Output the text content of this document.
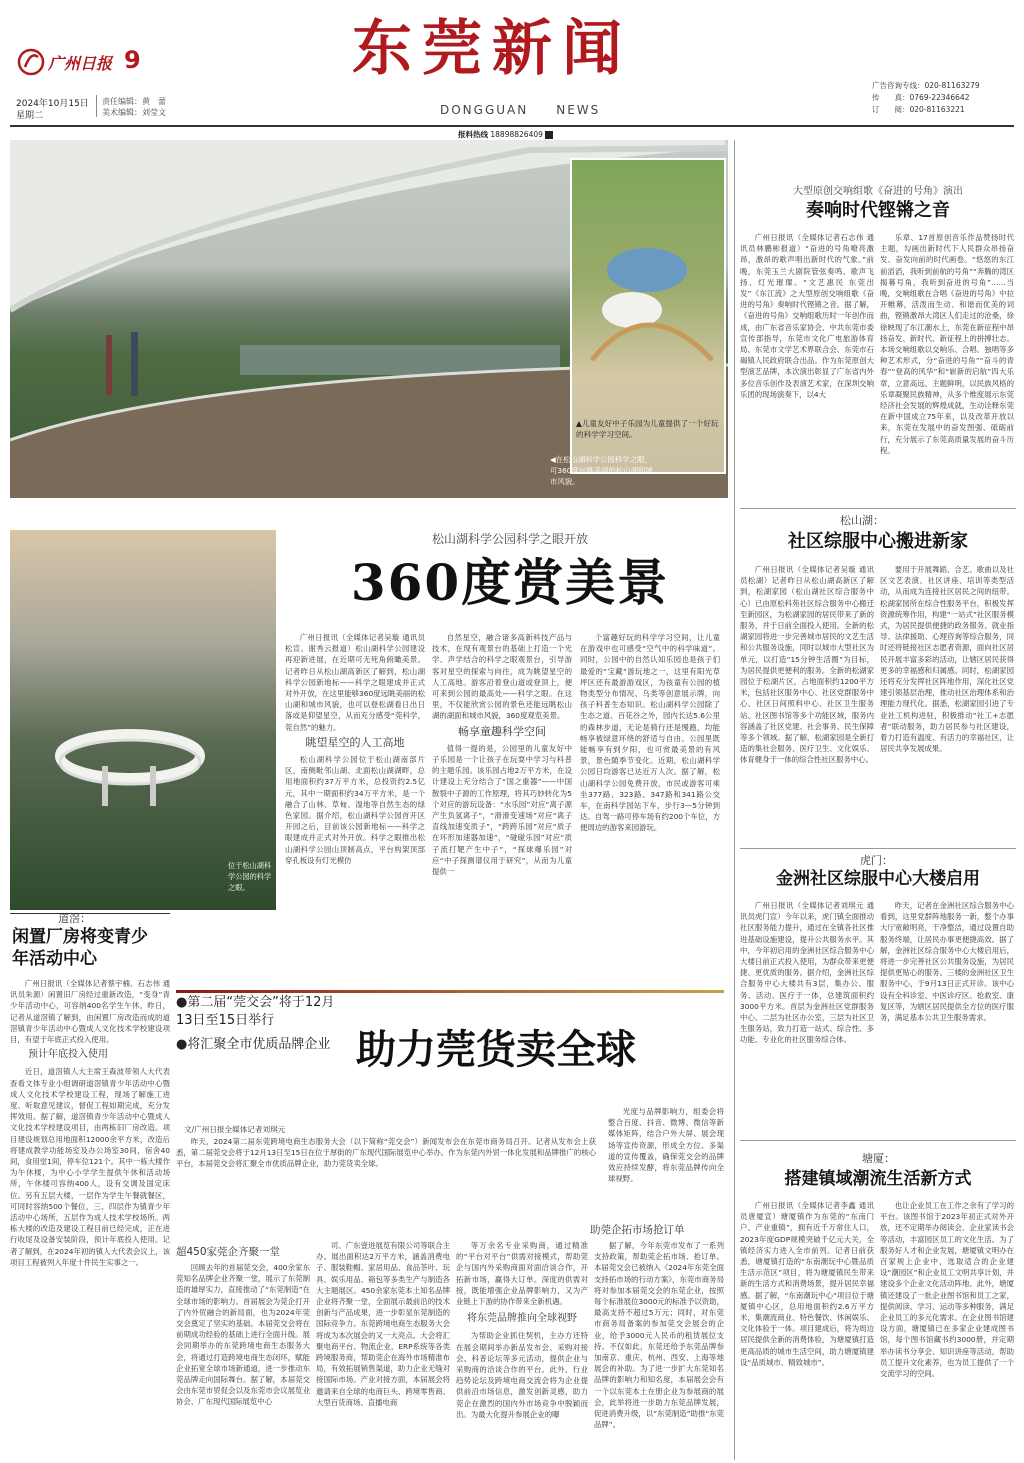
广州日报 9	东莞新闻
DONGGUAN　　NEWS
2024年10月15日
星期二
责任编辑：黄　蕾
美术编辑：刘莹文
广告咨询专线：020-81163279
传　　真：0769-22346642
订　　阅：020-81163221
报料热线 18898826409
▲儿童友好中子乐园为儿童提供了一个好玩的科学学习空间。
◀在松山湖科学公园科学之眼，可360度远眺美丽的松山湖和城市风貌。
位于松山湖科学公园的科学之眼。
松山湖科学公园科学之眼开放
360度赏美景

广州日报讯（全媒体记者吴璇 通讯员松宣、谢秀云报道）松山湖科学公园建设再迎新进展，在近期可无死角俯瞰美景。记者昨日从松山湖高新区了解到，松山湖科学公园新地标——科学之眼建成并正式对外开放，在这里能够360度远眺美丽的松山湖和城市风貌，也可以登松湖看日出日落或是仰望星空，从而充分感受“莞科学，莞自然”的魅力。

眺望星空的人工高地

松山湖科学公园位于松山湖南部片区，南侧毗邻山湖、北面松山湖湖畔，总用地面积约37万平方米，总投资约2.5亿元，其中一期面积约34万平方米，是一个融合了山林、草甸、湿地等自然生态的绿色家园。据介绍，松山湖科学公园首开区开园之后，目前该公园新地标——科学之眼建成并正式对外开放。科学之眼推出松山湖科学公园山顶制高点，平台构架顶部穿孔板设有灯光模仿

自然星空，融合诸多高新科技产品与技术，在现有观景台的基础上打造一个光学、声学结合的科学之眼观景台，引导游客对星空的探索与向往，成为眺望星空的人工高地。游客沿着登山道或登顶上，便可来到公园的最高处——科学之眼。在这里，不仅能欣赏公园的景色还能远眺松山湖的湖面和城市风貌，360度观览美景。

畅享童趣科学空间

值得一提的是，公园里的儿童友好中子乐园是一个让孩子在玩耍中学习与科普的主题乐园。该乐园占地2万平方米，在设计建设上充分结合了“国之重器”——中国散裂中子源的工作原理，将其巧妙转化为5个对应的游玩设备：“水乐园”对应“离子源产生负氢离子”，“滑滑变速场”对应“离子直线加速变质子”，“跨跨乐园”对应“质子在环形加速器加速”，“碰碰乐园”对应“质子流打靶产生中子”，“探球爆乐园”对应“中子探测谱仪用于研究”，从而为儿童提供一

个富趣好玩的科学学习空间，让儿童在游戏中也可感受“空气中的科学味道”。同时，公园中的自然认知乐园也是孩子们最爱的“宝藏”游玩地之一，这里有阳光草坪区还有最游游戏区，为孩童有公园的植物类型分布情况、乌类等创意展示牌，向孩子科普生态知识。松山湖科学公园除了生态之道、百花谷之外，园内长达5.6公里的森林步道，无论是骑行还是慢跑，均能畅享被绿意环绕的舒适与自由。公园里既能畅享有到夕阳，也可赏最美景的有风景，景色随季节变化。近期，松山湖科学公园日均游客已达近万人次。据了解，松山湖科学公园免费开放，市民或游客可乘坐377路、323路、347路和341路公交车，在南科学园站下车，步行3—5分钟到达。自驾一路可停车场有约200个车位，方便周边的游客来园游玩。

道滘：
闲置厂房将变青少年活动中心

广州日报讯（全媒体记者蔡宇楠、石志伟 通讯员朱源）闲置旧厂房经过重新改造，“变身”青少年活动中心，可容纳400名学生午休。昨日，记者从道滘镇了解到，由闲置厂房改造而成的道滘镇青少年活动中心暨成人文化技术学校建设项目，有望于年底正式投入使用。

预计年底投入使用

近日，道滘镇人大主席王森波带领人大代表查看文体专业小组调研道滘镇青少年活动中心暨成人文化技术学校建设工程，现场了解施工进度、听取意见建议，督促工程如期完成，充分发挥效用。据了解，道滘镇青少年活动中心暨成人文化技术学校建设项目，由两栋旧厂房改造。项目建设规划总用地面积12000余平方米，改造后将建成教学功能场室及办公场室30间，宿舍40间，食用堂1间，停车位121个。其中一栋大楼作为午休楼，为中心小学学生提供午休和活动场所，午休楼可容纳400人，设有交调及国定床位。另有五层大楼，一层作为学生午餐就餐区，可同时容纳500个餐位，三、四层作为镇青少年活动中心场所，五层作为成人技术学校场所。两栋大楼的改造及建设工程目前已经完成，正在进行收尾及设备安装阶段，预计年底投入使用。记者了解到，在2024年初的镇人大代表会议上，该项目工程被列入年度十件民生实事之一。

●第二届“莞交会”将于12月13日至15日举行
●将汇聚全市优质品牌企业 助力莞货卖全球
文/广州日报全媒体记者刘琪元

昨天，2024第二届东莞跨境电商生态服务大会（以下简称“莞交会”）新闻发布会在东莞市商务局召开。记者从发布会上获悉，第二届莞交会将于12月13日至15日在位于厚街的广东现代国际展览中心举办。作为东莞内外贸一体化发展和品牌推广的核心平台，本届莞交会将汇聚全市优质品牌企业，助力莞货卖全球。

光度与品牌影响力，组委会将整合百度、抖音、微博、微信等新媒体矩阵，结合户外大屏、展会现场等宣传资源，形成全方位、多渠道的宣传覆盖，确保莞交会的品牌效应持续发酵，将东莞品牌传向全球视野。

助莞企拓市场抢订单
超450家莞企齐聚一堂

回顾去年的首届莞交会，400余家东莞知名品牌企业齐聚一堂，展示了东莞制造的雄厚实力，直接推动了“东莞制造”在全球市场的影响力。首届展会为莞企打开了内外贸融合的新局面，也为2024年莞交会奠定了坚实的基础。本届莞交会将在前期成功经验的基础上进行全面升级。展会同期举办的东莞跨境电商生态服务大会，将通过打造跨境电商生态闭环，赋能企业拓宽全球市场新通道，进一步推动东莞品牌走向国际舞台。据了解，本届莞交会由东莞市贸促会以及东莞市会议展览业协会、广东现代国际展览中心

司、广东壹进展览有限公司等联合主办。展出面积达2万平方米，涵盖消费电子、服装鞋帽、家居用品、食品茶叶、玩具、娱乐用品、箱包等多类生产与制造各大主题展区。450余家东莞本土知名品牌企业将齐聚一堂，全面展示最前沿的技术创新与产品成果，进一步彰显东莞制造的国际竞争力。东莞跨境电商生态服务大会将成为本次展会的又一大亮点。大会将汇聚电商平台、物流企业、ERP系统等各类跨境服务商，帮助莞企在海外市场精准布局，有效拓展销售渠道，助力企业无缝对接国际市场。产业对接方面，本届展会将邀请来自全球的电商巨头、跨境零售商、大型百货商场、直播电商

等万余名专业采购商，通过精准的“平台对平台”供需对接模式，帮助莞企与国内外采购商面对面洽谈合作，开拓新市场，赢得大订单。深度的供需对接，既能增强企业品牌影响力，又为产业链上下游的协作带来全新机遇。

将东莞品牌推向全球视野

为帮助企业抓住契机，主办方还特在展会期间举办新品发布会、采购对接会、科普论坛等多元活动，提供企业与采购商的洽谈合作的平台。此外，行业趋势论坛及跨境电商交流会将为企业提供前沿市场信息，激发创新灵感，助力莞企在激烈的国内外市场竞争中脱颖而出。为最大化提升参展企业的曝

据了解，今年东莞市发布了一系列支持政策，帮助莞企拓市场、抢订单。本届莞交会已被纳入《2024年东莞全面支持拓市场的行动方案》，东莞市商务局将对参加本届莞交会的东莞企业，按照每个标准展位3000元的标准予以资助，最高支持不超过5万元；同时，对东莞市商务局备案的参加莞交会展会的企业，给予3000元人民币的租赁展位支持。不仅如此，东莞还给予东莞品牌参加南京、重庆、杭州、西安、上海等地展会的补助。为了进一步扩大东莞知名品牌的影响力和知名度，本届展会会有一个以东莞本土在册企业为参展商的展会，此举将进一步助力东莞品牌发展，促进消费升级，以“东莞制造”助推“东莞品牌”。

大型原创交响组歌《奋进的号角》演出
奏响时代铿锵之音

广州日报讯（全媒体记者石志伟 通讯员林鹏彬报道）“奋进的号角嘹亮激昂，激昂的歌声唱出新时代的气象。”前晚，东莞玉兰大剧院管弦奏鸣、歌声飞扬、灯光璀璨。“文艺惠民 东莞出发”《东江流》之大型原创交响组歌《奋进的号角》奏响时代铿锵之音。据了解，《奋进的号角》交响组歌历时一年创作而成，由广东省音乐家协会、中共东莞市委宣传部指导，东莞市文化广电旅游体育局、东莞市文学艺术界联合会、东莞市石碣镇人民政府联合出品。作为东莞原创大型演艺品牌，本次演出彰显了广东省内外多位音乐创作及表演艺术家，在深圳交响乐团的现场演奏下，以4大

乐章、17首原创音乐作品赞扬时代主题，勾画出新时代下人民群众昂扬奋发、奋发向前的时代画卷。“悠悠的东江前滔滔，我听到前航的号角”“奔腾的湾区揭幕号角，我听到奋进的号角”……当晚，交响组歌在合唱《奋进的号角》中拉开帷幕，活泼而生动、和谐而优美的词曲，铿锵激昂大湾区人们走过的沧桑，徐徐映现了东江潮水上，东莞在新征程中昂扬奋发、新时代、新征程上的拼搏壮志。本场交响组歌以交响乐、合唱、独唱等多种艺术形式，分“奋进的号角”“奋斗的青春”“登高的风华”和“崭新的启航”四大乐章，立意高远、主题鲜明，以民族风格的乐章凝聚民族精神，从多个维度展示东莞经济社会发展的辉煌成就，生动诠释东莞在新中国成立75年来，以及改革开放以来，东莞在发展中的奋发图强、砥砺前行，充分展示了东莞高质量发展的奋斗历程。

松山湖：
社区综服中心搬进新家

广州日报讯（全媒体记者吴璇 通讯员松湖）记者昨日从松山湖高新区了解到，松湖家园（松山湖社区综合服务中心）已由原松科苑社区综合服务中心搬迁至新园区，为松湖家园的居民带来了新的服务，并于日前全面投入使用。全新的松湖家园将进一步完善城市居民的文艺生活和公共服务设施，同时以城市大型社区为单元，以打造“15分钟生活圈”为目标，为居民提供更便利的服务。全新的松湖家园位于松湖片区，占地面积约1200平方米，包括社区服务中心、社区党群服务中心、社区日间照料中心、社区卫生服务站、社区图书馆等多个功能区域，服务内容涵盖了社区党建、社会事务、民生保障等多个领域。据了解，松湖家园是全新打造的集社会服务、医疗卫生、文化娱乐、体育健身于一体的综合性社区服务中心。

要用于开展舞蹈、合艺、歌曲以及社区文艺表演、社区讲座、培训等类型活动，从而成为连接社区居民之间的纽带。松湖家园所在综合性服务平台，积极发挥资源统筹作用，构建“一站式”社区服务模式，为居民提供便捷的政务服务、就业指导、法律援助、心理咨询等综合服务，同时还将链接社区志愿者资源，面向社区居民开展丰富多彩的活动，让辖区居民获得更多的幸福感和归属感。同时，松湖家园还将充分发挥社区阵地作用，深化社区党建引领基层治理，推动社区治理体系和治理能力现代化。据悉，松湖家园引进了专业社工机构进驻，积极推动“社工+志愿者”联动服务，助力居民参与社区建设，着力打造有温度、有活力的幸福社区，让居民共享发展成果。

虎门：
金洲社区综服中心大楼启用

广州日报讯（全媒体记者刘琪元 通讯员虎门宣）今年以来，虎门镇全面推动社区服务能力提升，通过在全镇各社区推进基础设施建设，提升公共服务水平。其中，今年初启用的金洲社区综合服务中心大楼日前正式投入使用，为群众带来更便捷、更优质的服务。据介绍，金洲社区综合服务中心大楼共有3层，集办公、服务、活动、医疗于一体，总建筑面积约3000平方米。首层为金洲社区党群服务中心、二层为社区办公室，三层为社区卫生服务站，致力打造一站式、综合性、多功能、专业化的社区服务综合体。

昨天，记者在金洲社区综合服务中心看到，这里党群阵地服务一新，整个办事大厅宽敞明亮，干净整洁，通过设置自助服务终端，让居民办事更便捷高效。据了解，金洲社区综合服务中心大楼启用后，将进一步完善社区公共服务设施，为居民提供更贴心的服务。三楼的金洲社区卫生服务中心，于9月13日正式开诊。该中心设有全科诊室、中医诊疗区、抢救室、康复区等，为辖区居民提供全方位的医疗服务，满足基本公共卫生服务需求。

塘厦：
搭建镇域潮流生活新方式

广州日报讯（全媒体记者李鑫 通讯员唐厦宣）塘厦镇作为东莞的“东南门户、产业重镇”，拥有近千万常住人口，2023年度GDP规模突破千亿元大关，全镇经济实力进入全市前列。记者日前获悉，塘厦镇打造的“东南潮玩中心暨品质生活示范区”项目，将为塘厦镇民生带来新的生活方式和消费场景，提升居民幸福感。据了解，“东南潮玩中心”项目位于塘厦镇中心区，总用地面积约2.6万平方米，集潮流商业、特色餐饮、休闲娱乐、文化体验于一体。项目建成后，将为周边居民提供全新的消费体验，为塘厦镇打造更高品质的城市生活空间，助力塘厦镇建设“品质城市、精致城市”。

也让企业员工在工作之余有了学习的平台。该图书馆于2023年初正式对外开放，还不定期举办阅读会、企业家读书会等活动，丰富园区员工的文化生活。为了服务好人才和企业发展，塘厦镇文明办在百家规上企业中，选取适合的企业建设“潮园区”和企业员工文明共享计划，并建设多个企业文化活动阵地。此外，塘厦镇还建设了一批企业图书馆和员工之家，提供阅读、学习、运动等多种服务，满足企业员工的多元化需求。在企业图书馆建设方面，塘厦镇已在多家企业建成图书馆，每个图书馆藏书约3000册，并定期举办读书分享会、知识讲座等活动，帮助员工提升文化素养，也为员工提供了一个交流学习的空间。
